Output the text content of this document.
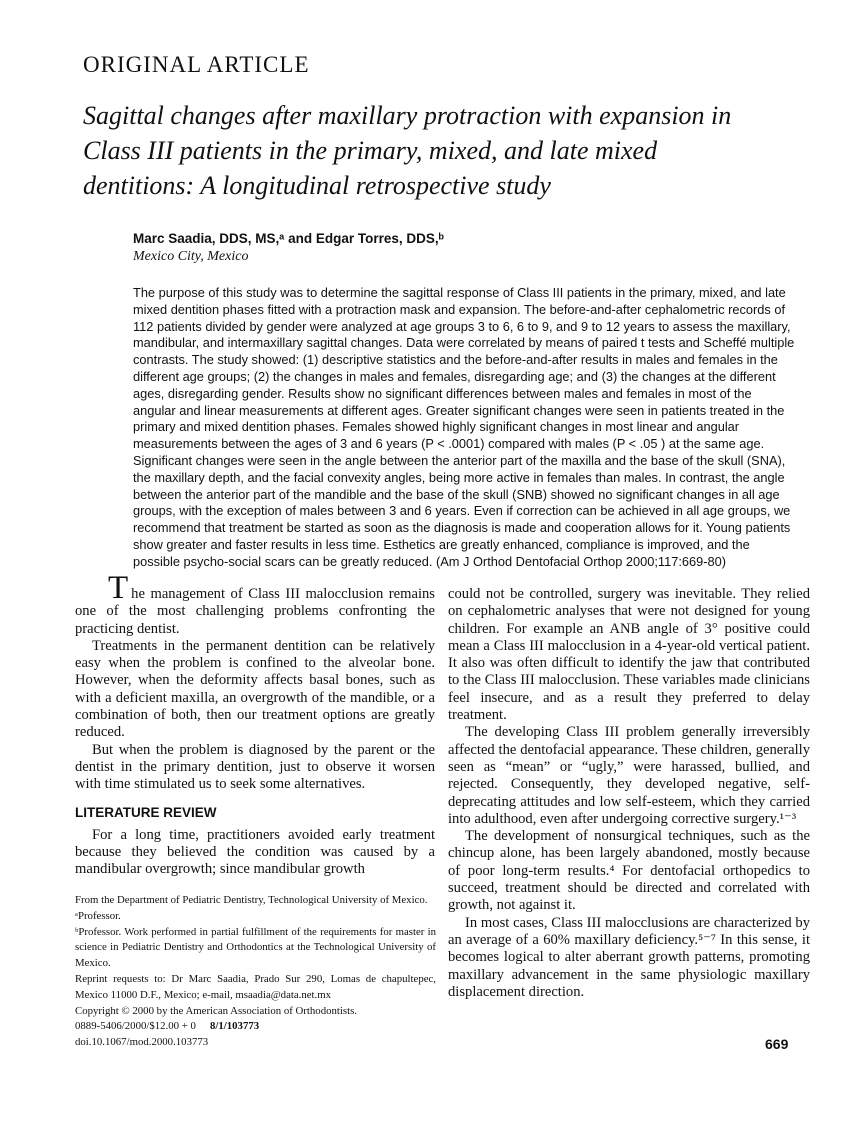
ORIGINAL ARTICLE
Sagittal changes after maxillary protraction with expansion in
Class III patients in the primary, mixed, and late mixed
dentitions: A longitudinal retrospective study
Marc Saadia, DDS, MS,ᵃ and Edgar Torres, DDS,ᵇ
Mexico City, Mexico
The purpose of this study was to determine the sagittal response of Class III patients in the primary, mixed, and late mixed dentition phases fitted with a protraction mask and expansion. The before-and-after cephalometric records of 112 patients divided by gender were analyzed at age groups 3 to 6, 6 to 9, and 9 to 12 years to assess the maxillary, mandibular, and intermaxillary sagittal changes. Data were correlated by means of paired t tests and Scheffé multiple contrasts. The study showed: (1) descriptive statistics and the before-and-after results in males and females in the different age groups; (2) the changes in males and females, disregarding age; and (3) the changes at the different ages, disregarding gender. Results show no significant differences between males and females in most of the angular and linear measurements at different ages. Greater significant changes were seen in patients treated in the primary and mixed dentition phases. Females showed highly significant changes in most linear and angular measurements between the ages of 3 and 6 years (P < .0001) compared with males (P < .05 ) at the same age. Significant changes were seen in the angle between the anterior part of the maxilla and the base of the skull (SNA), the maxillary depth, and the facial convexity angles, being more active in females than males. In contrast, the angle between the anterior part of the mandible and the base of the skull (SNB) showed no significant changes in all age groups, with the exception of males between 3 and 6 years. Even if correction can be achieved in all age groups, we recommend that treatment be started as soon as the diagnosis is made and cooperation allows for it. Young patients show greater and faster results in less time. Esthetics are greatly enhanced, compliance is improved, and the possible psycho-social scars can be greatly reduced. (Am J Orthod Dentofacial Orthop 2000;117:669-80)

The management of Class III malocclusion remains one of the most challenging problems confronting the practicing dentist.

Treatments in the permanent dentition can be relatively easy when the problem is confined to the alveolar bone. However, when the deformity affects basal bones, such as with a deficient maxilla, an overgrowth of the mandible, or a combination of both, then our treatment options are greatly reduced.

But when the problem is diagnosed by the parent or the dentist in the primary dentition, just to observe it worsen with time stimulated us to seek some alternatives.

LITERATURE REVIEW

For a long time, practitioners avoided early treatment because they believed the condition was caused by a mandibular overgrowth; since mandibular growth

could not be controlled, surgery was inevitable. They relied on cephalometric analyses that were not designed for young children. For example an ANB angle of 3° positive could mean a Class III malocclusion in a 4-year-old vertical patient. It also was often difficult to identify the jaw that contributed to the Class III malocclusion. These variables made clinicians feel insecure, and as a result they preferred to delay treatment.

The developing Class III problem generally irreversibly affected the dentofacial appearance. These children, generally seen as “mean” or “ugly,” were harassed, bullied, and rejected. Consequently, they developed negative, self-deprecating attitudes and low self-esteem, which they carried into adulthood, even after undergoing corrective surgery.¹⁻³

The development of nonsurgical techniques, such as the chincup alone, has been largely abandoned, mostly because of poor long-term results.⁴ For dentofacial orthopedics to succeed, treatment should be directed and correlated with growth, not against it.

In most cases, Class III malocclusions are characterized by an average of a 60% maxillary deficiency.⁵⁻⁷ In this sense, it becomes logical to alter aberrant growth patterns, promoting maxillary advancement in the same physiologic maxillary displacement direction.

From the Department of Pediatric Dentistry, Technological University of Mexico.

ᵃProfessor.

ᵇProfessor. Work performed in partial fulfillment of the requirements for master in science in Pediatric Dentistry and Orthodontics at the Technological University of Mexico.

Reprint requests to: Dr Marc Saadia, Prado Sur 290, Lomas de chapultepec, Mexico 11000 D.F., Mexico; e-mail, msaadia@data.net.mx

Copyright © 2000 by the American Association of Orthodontists.

0889-5406/2000/$12.00 + 0 8/1/103773

doi.10.1067/mod.2000.103773	669
